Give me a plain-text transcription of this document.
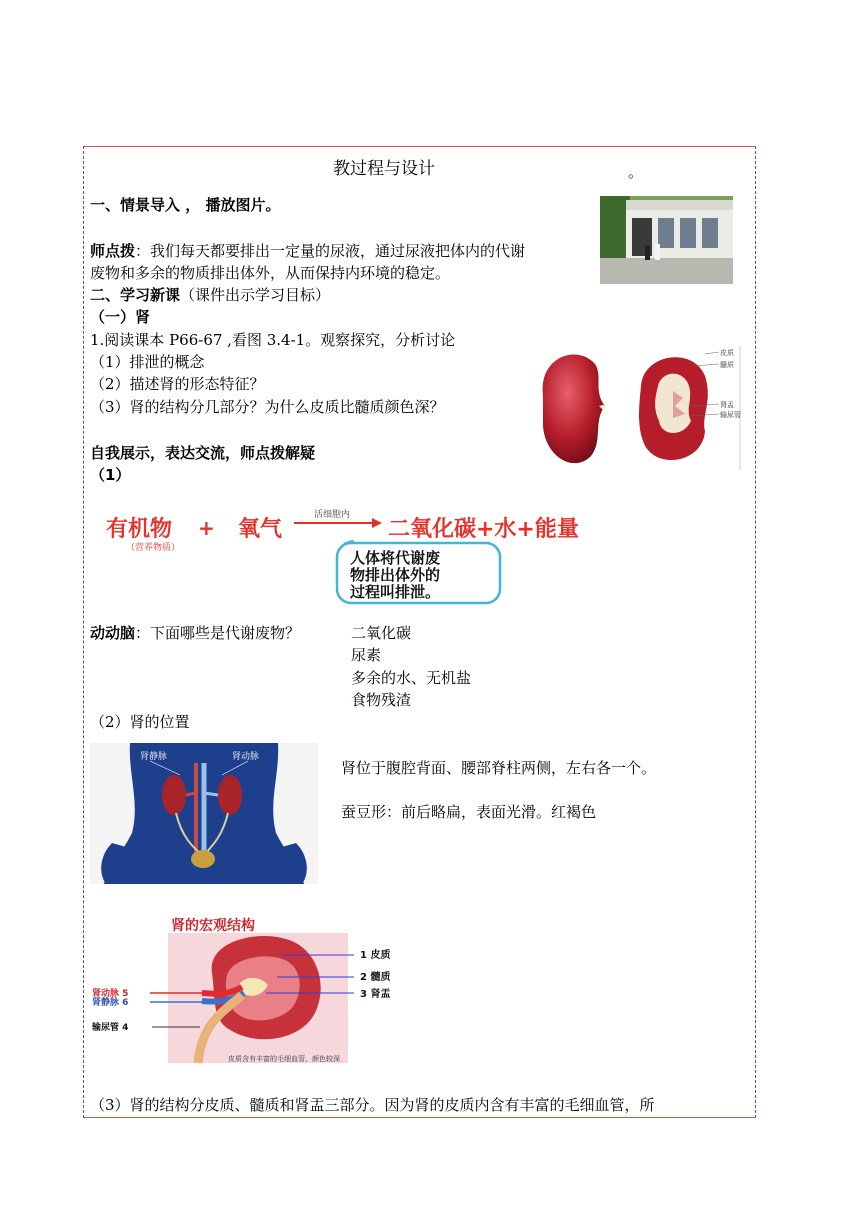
教过程与设计	。
一、情景导入 ， 播放图片。
师点拨：我们每天都要排出一定量的尿液，通过尿液把体内的代谢
废物和多余的物质排出体外，从而保持内环境的稳定。
二、学习新课（课件出示学习目标）
（一）肾
1.阅读课本 P66-67 ,看图 3.4-1。观察探究，分析讨论
（1）排泄的概念
（2）描述肾的形态特征？
（3）肾的结构分几部分？为什么皮质比髓质颜色深？
自我展示，表达交流，师点拨解疑
（1）
皮质
髓质
肾盂
输尿管
有机物 + 氧气
活细胞内
二氧化碳+水+能量
（营养物质）
人体将代谢废
物排出体外的
过程叫排泄。
动动脑：下面哪些是代谢废物？	二氧化碳
尿素
多余的水、无机盐
食物残渣
（2）肾的位置
肾静脉	肾动脉
肾位于腹腔背面、腰部脊柱两侧，左右各一个。
蚕豆形：前后略扁，表面光滑。红褐色
肾的宏观结构
1 皮质
2 髓质
3 肾盂
肾动脉 5
肾静脉 6
输尿管 4
皮质含有丰富的毛细血管，颜色较深
（3）肾的结构分皮质、髓质和肾盂三部分。因为肾的皮质内含有丰富的毛细血管，所
